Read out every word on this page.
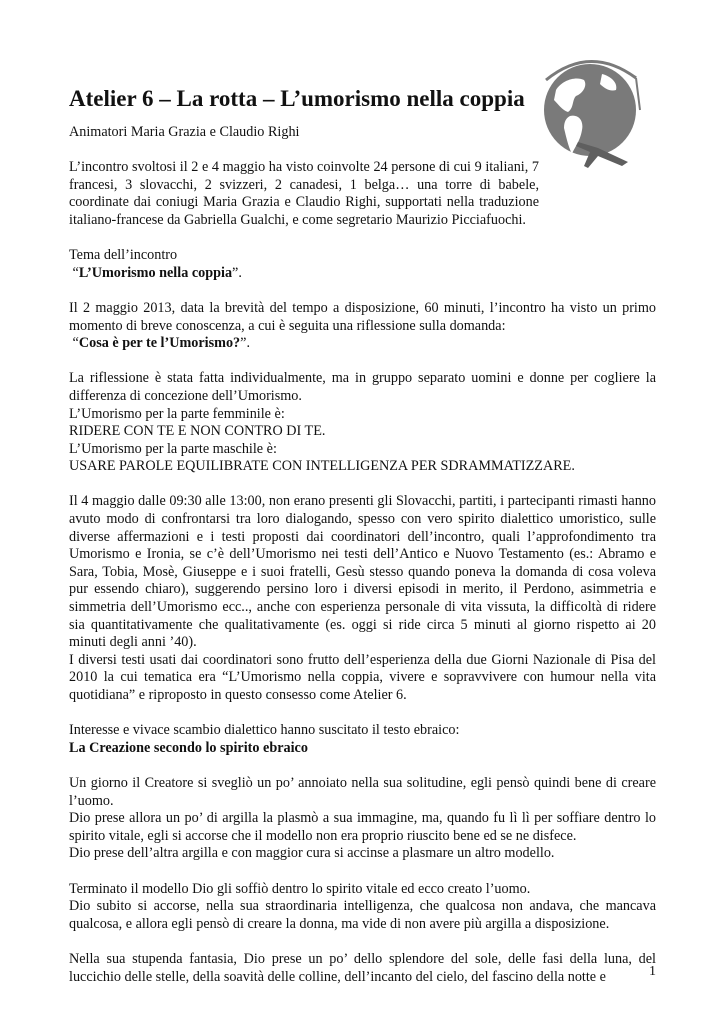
Atelier 6 – La rotta – L’umorismo nella coppia

Animatori Maria Grazia e Claudio Righi

L’incontro svoltosi il 2 e 4 maggio ha visto coinvolte 24 persone di cui 9 italiani, 7 francesi, 3 slovacchi, 2 svizzeri, 2 canadesi, 1 belga… una torre di babele, coordinate dai coniugi Maria Grazia e Claudio Righi, supportati nella traduzione italiano-francese da Gabriella Gualchi, e come segretario Maurizio Picciafuochi.

Tema dell’incontro

“L’Umorismo nella coppia”.

Il 2 maggio 2013, data la brevità del tempo a disposizione, 60 minuti, l’incontro ha visto un primo momento di breve conoscenza, a cui è seguita una riflessione sulla domanda:

“Cosa è per te l’Umorismo?”.

La riflessione è stata fatta individualmente, ma in gruppo separato uomini e donne per cogliere la differenza di concezione dell’Umorismo.

L’Umorismo per la parte femminile è:

RIDERE CON TE E NON CONTRO DI TE.

L’Umorismo per la parte maschile è:

USARE PAROLE EQUILIBRATE CON INTELLIGENZA PER SDRAMMATIZZARE.

Il 4 maggio dalle 09:30 alle 13:00, non erano presenti gli Slovacchi, partiti, i partecipanti rimasti hanno avuto modo di confrontarsi tra loro dialogando, spesso con vero spirito dialettico umoristico, sulle diverse affermazioni e i testi proposti dai coordinatori dell’incontro, quali l’approfondimento tra Umorismo e Ironia, se c’è dell’Umorismo nei testi dell’Antico e Nuovo Testamento (es.: Abramo e Sara, Tobia, Mosè, Giuseppe e i suoi fratelli, Gesù stesso quando poneva la domanda di cosa voleva pur essendo chiaro), suggerendo persino loro i diversi episodi in merito, il Perdono, asimmetria e simmetria dell’Umorismo ecc.., anche con esperienza personale di vita vissuta, la difficoltà di ridere sia quantitativamente che qualitativamente (es. oggi si ride circa 5 minuti al giorno rispetto ai 20 minuti degli anni ’40).

I diversi testi usati dai coordinatori sono frutto dell’esperienza della due Giorni Nazionale di Pisa del 2010 la cui tematica era “L’Umorismo nella coppia, vivere e sopravvivere con humour nella vita quotidiana” e riproposto in questo consesso come Atelier 6.

Interesse e vivace scambio dialettico hanno suscitato il testo ebraico:

La Creazione secondo lo spirito ebraico

Un giorno il Creatore si svegliò un po’ annoiato nella sua solitudine, egli pensò quindi bene di creare l’uomo.

Dio prese allora un po’ di argilla la plasmò a sua immagine, ma, quando fu lì lì per soffiare dentro lo spirito vitale, egli si accorse che il modello non era proprio riuscito bene ed se ne disfece.

Dio prese dell’altra argilla e con maggior cura si accinse a plasmare un altro modello.

Terminato il modello Dio gli soffiò dentro lo spirito vitale ed ecco creato l’uomo.

Dio subito si accorse, nella sua straordinaria intelligenza, che qualcosa non andava, che mancava qualcosa, e allora egli pensò di creare la donna, ma vide di non avere più argilla a disposizione.

Nella sua stupenda fantasia, Dio prese un po’ dello splendore del sole, delle fasi della luna, del luccichio delle stelle, della soavità delle colline, dell’incanto del cielo, del fascino della notte e	1
